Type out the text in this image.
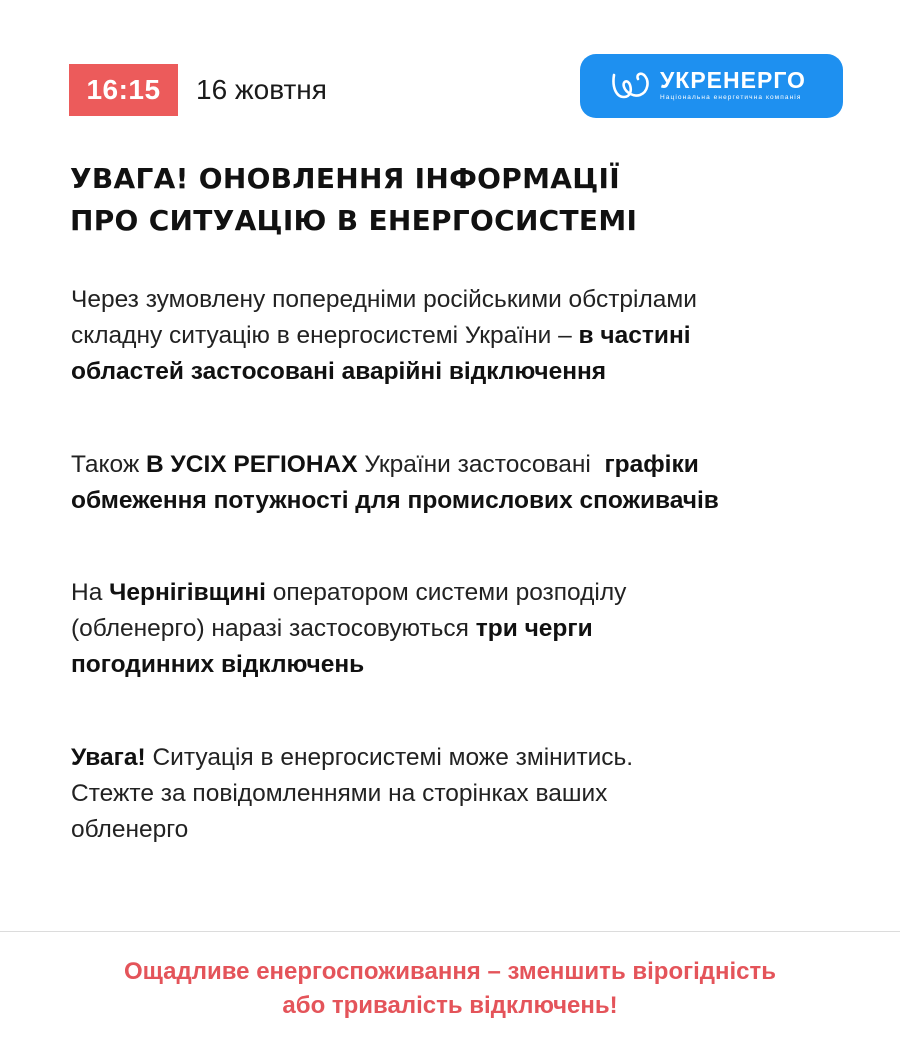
16:15	16 жовтня	УКРЕНЕРГО
Національна енергетична компанія
УВАГА! ОНОВЛЕННЯ ІНФОРМАЦІЇ
ПРО СИТУАЦІЮ В ЕНЕРГОСИСТЕМІ

Через зумовлену попередніми російськими обстрілами
складну ситуацію в енергосистемі України – в частині
областей застосовані аварійні відключення

Також В УСІХ РЕГІОНАХ України застосовані  графіки
обмеження потужності для промислових споживачів

На Чернігівщині оператором системи розподілу
(обленерго) наразі застосовуються три черги
погодинних відключень

Увага! Ситуація в енергосистемі може змінитись.
Стежте за повідомленнями на сторінках ваших
обленерго

Ощадливе енергоспоживання – зменшить вірогідність
або тривалість відключень!
